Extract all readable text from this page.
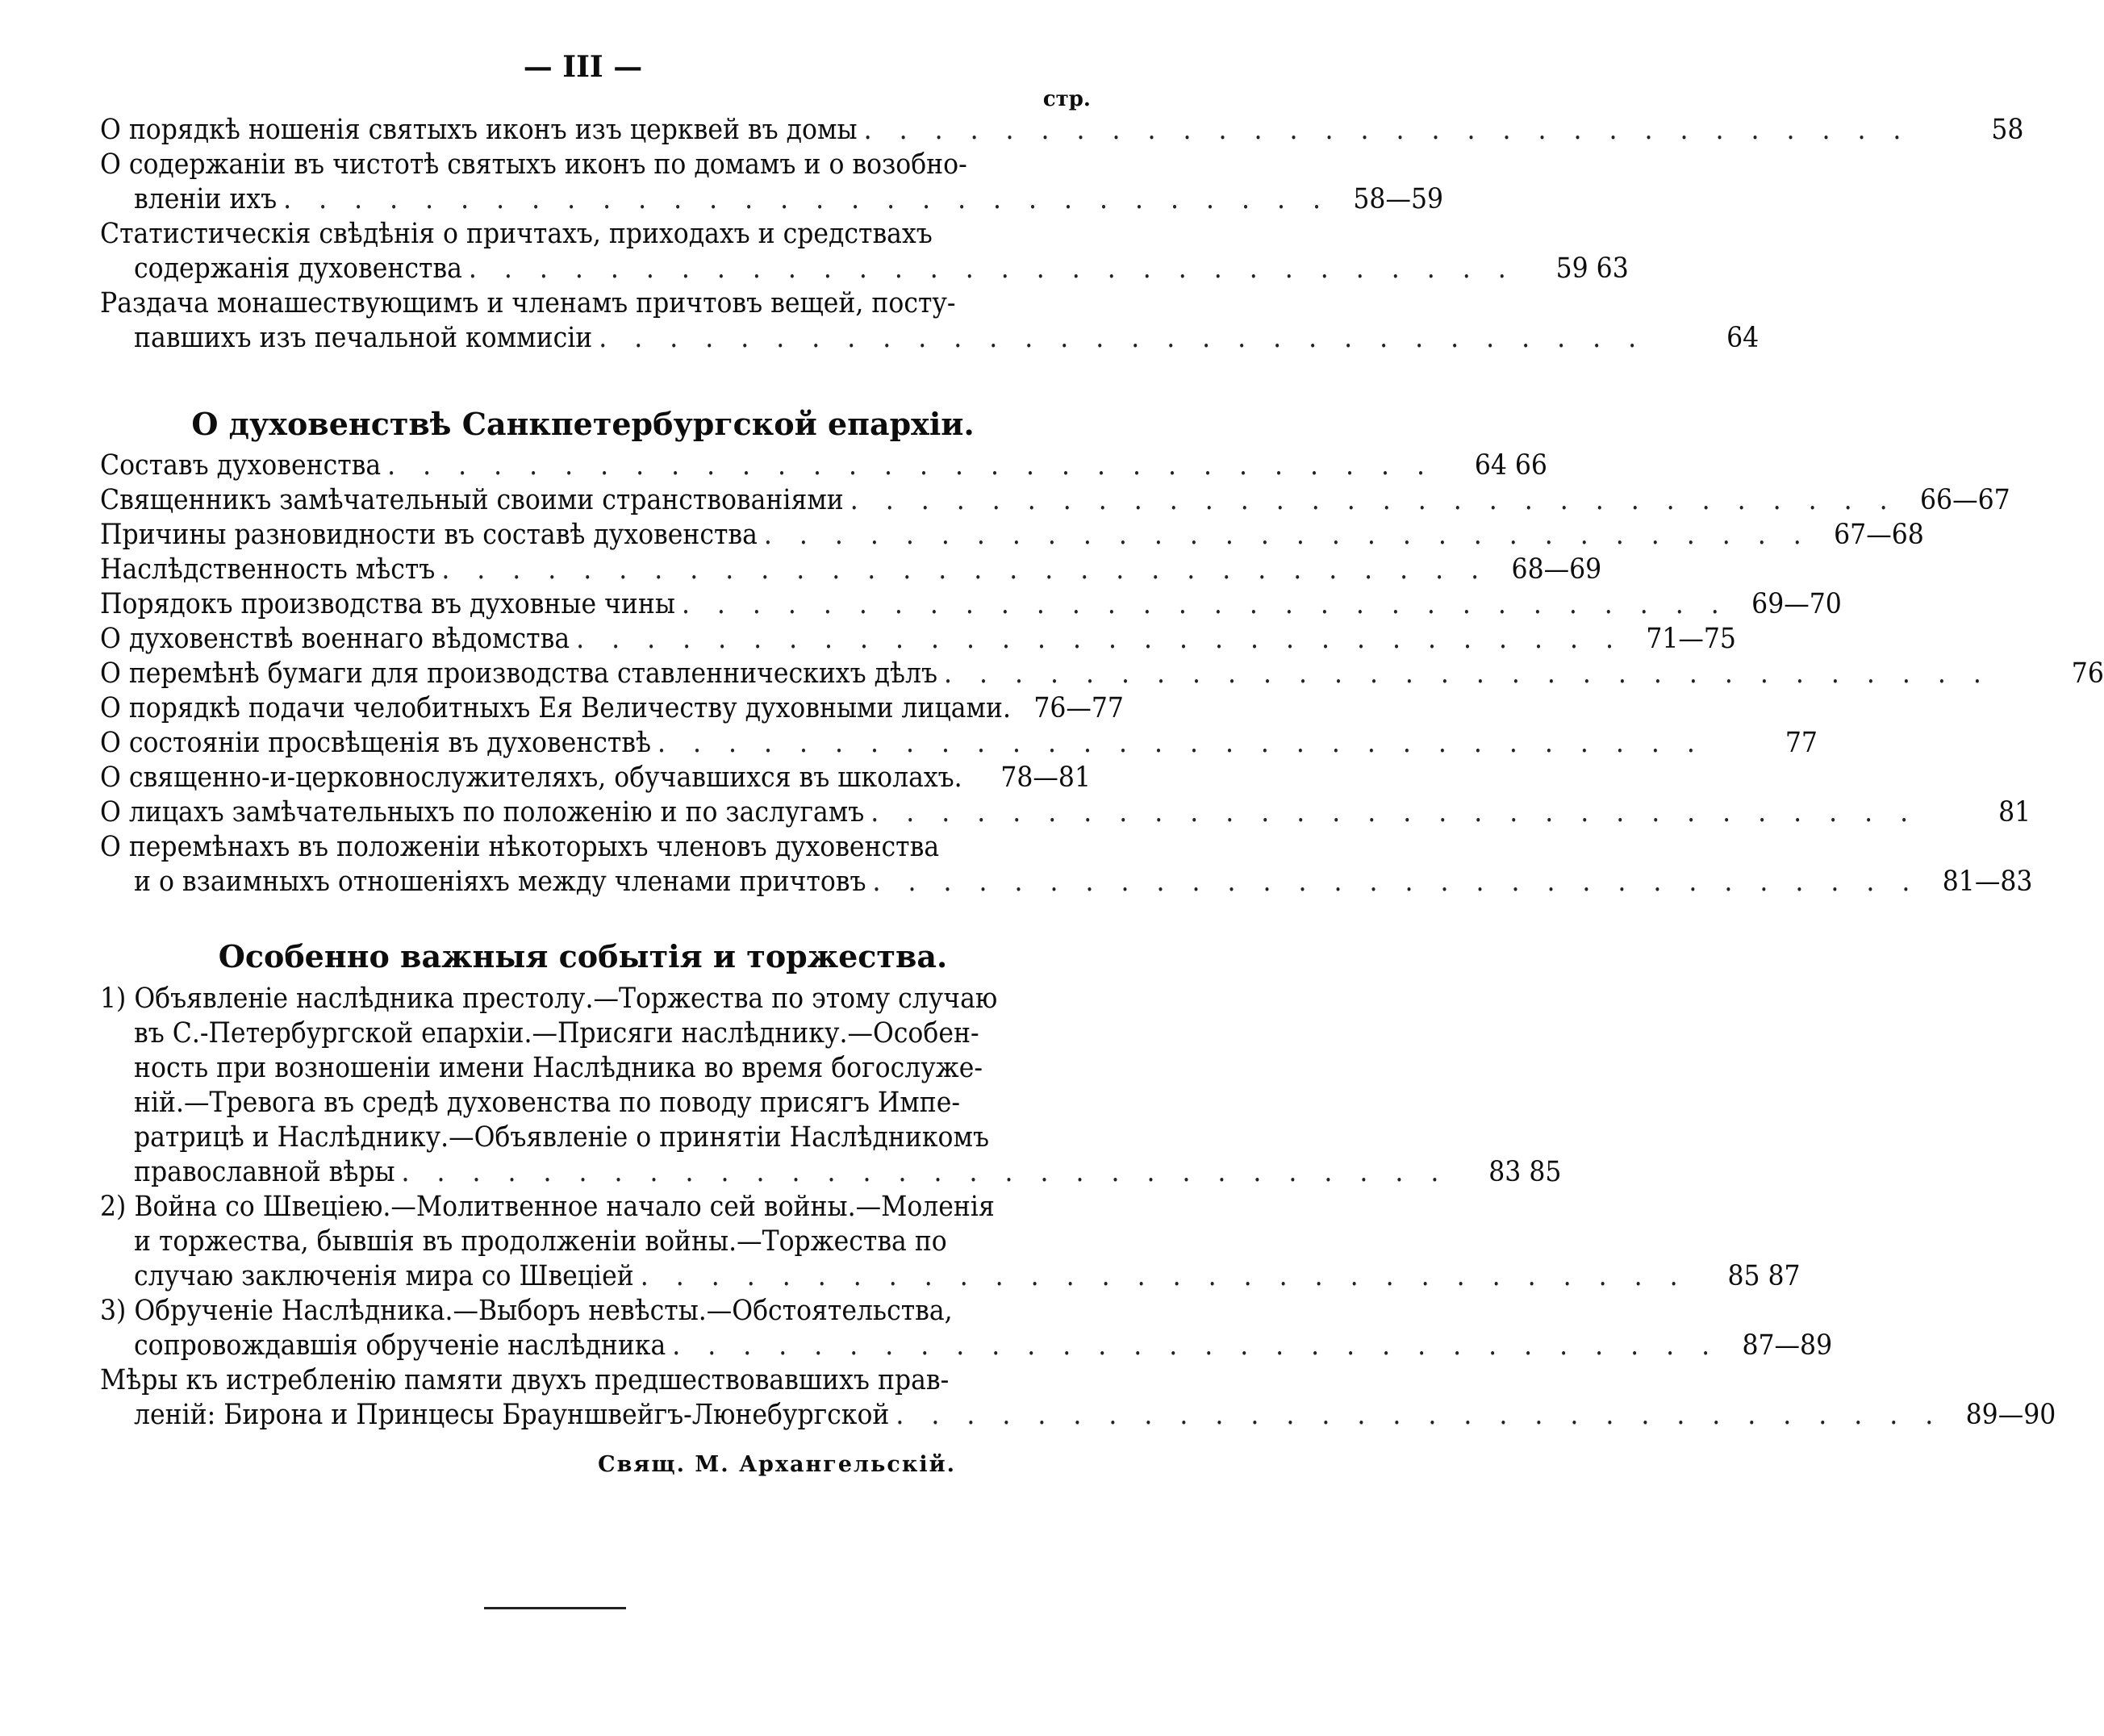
— III —
стр.
О порядкѣ ношенія святыхъ иконъ изъ церквей въ домы . . . . . . . . . . . . . . . . . . . . . . . . . . . . . .	58
О содержаніи въ чистотѣ святыхъ иконъ по домамъ и о возобно-
вленіи ихъ . . . . . . . . . . . . . . . . . . . . . . . . . . . . . . 58—59
Статистическія свѣдѣнія о причтахъ, приходахъ и средствахъ
содержанія духовенства . . . . . . . . . . . . . . . . . . . . . . . . . . . . . .	59 63
Раздача монашествующимъ и членамъ причтовъ вещей, посту-
павшихъ изъ печальной коммисіи . . . . . . . . . . . . . . . . . . . . . . . . . . . . . .	64
О духовенствѣ Санкпетербургской епархіи.
Составъ духовенства . . . . . . . . . . . . . . . . . . . . . . . . . . . . . .	64 66
Священникъ замѣчательный своими странствованіями . . . . . . . . . . . . . . . . . . . . . . . . . . . . . . 66—67
Причины разновидности въ составѣ духовенства . . . . . . . . . . . . . . . . . . . . . . . . . . . . . . 67—68
Наслѣдственность мѣстъ . . . . . . . . . . . . . . . . . . . . . . . . . . . . . . 68—69
Порядокъ производства въ духовные чины . . . . . . . . . . . . . . . . . . . . . . . . . . . . . . 69—70
О духовенствѣ военнаго вѣдомства . . . . . . . . . . . . . . . . . . . . . . . . . . . . . . 71—75
О перемѣнѣ бумаги для производства ставленническихъ дѣлъ . . . . . . . . . . . . . . . . . . . . . . . . . . . . . .	76
О порядкѣ подачи челобитныхъ Ея Величеству духовными лицами. 76—77
О состояніи просвѣщенія въ духовенствѣ . . . . . . . . . . . . . . . . . . . . . . . . . . . . . .	77
О священно-и-церковнослужителяхъ, обучавшихся въ школахъ.	78—81
О лицахъ замѣчательныхъ по положенію и по заслугамъ . . . . . . . . . . . . . . . . . . . . . . . . . . . . . .	81
О перемѣнахъ въ положеніи нѣкоторыхъ членовъ духовенства
и о взаимныхъ отношеніяхъ между членами причтовъ . . . . . . . . . . . . . . . . . . . . . . . . . . . . . . 81—83
Особенно важныя событія и торжества.
1) Объявленіе наслѣдника престолу.—Торжества по этому случаю
въ С.-Петербургской епархіи.—Присяги наслѣднику.—Особен-
ность при возношеніи имени Наслѣдника во время богослуже-
ній.—Тревога въ средѣ духовенства по поводу присягъ Импе-
ратрицѣ и Наслѣднику.—Объявленіе о принятіи Наслѣдникомъ
православной вѣры . . . . . . . . . . . . . . . . . . . . . . . . . . . . . .	83 85
2) Война со Швеціею.—Молитвенное начало сей войны.—Моленія
и торжества, бывшія въ продолженіи войны.—Торжества по
случаю заключенія мира со Швеціей . . . . . . . . . . . . . . . . . . . . . . . . . . . . . .	85 87
3) Обрученіе Наслѣдника.—Выборъ невѣсты.—Обстоятельства,
сопровождавшія обрученіе наслѣдника . . . . . . . . . . . . . . . . . . . . . . . . . . . . . . 87—89
Мѣры къ истребленію памяти двухъ предшествовавшихъ прав-
леній: Бирона и Принцесы Брауншвейгъ-Люнебургской . . . . . . . . . . . . . . . . . . . . . . . . . . . . . . 89—90
Свящ. М. Архангельскій.
